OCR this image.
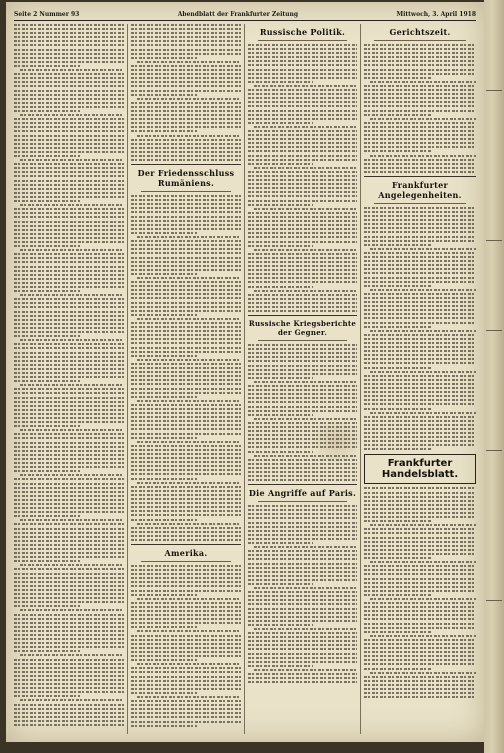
Seite 2 Nummer 93	Abendblatt der Frankfurter Zeitung	Mittwoch, 3. April 1918
Der Friedensschluss Rumäniens.
Amerika.
Russische Politik.
Russische Kriegsberichte der Gegner.
Die Angriffe auf Paris.
Gerichtszeit.
Frankfurter Angelegenheiten.
Frankfurter Handelsblatt.
